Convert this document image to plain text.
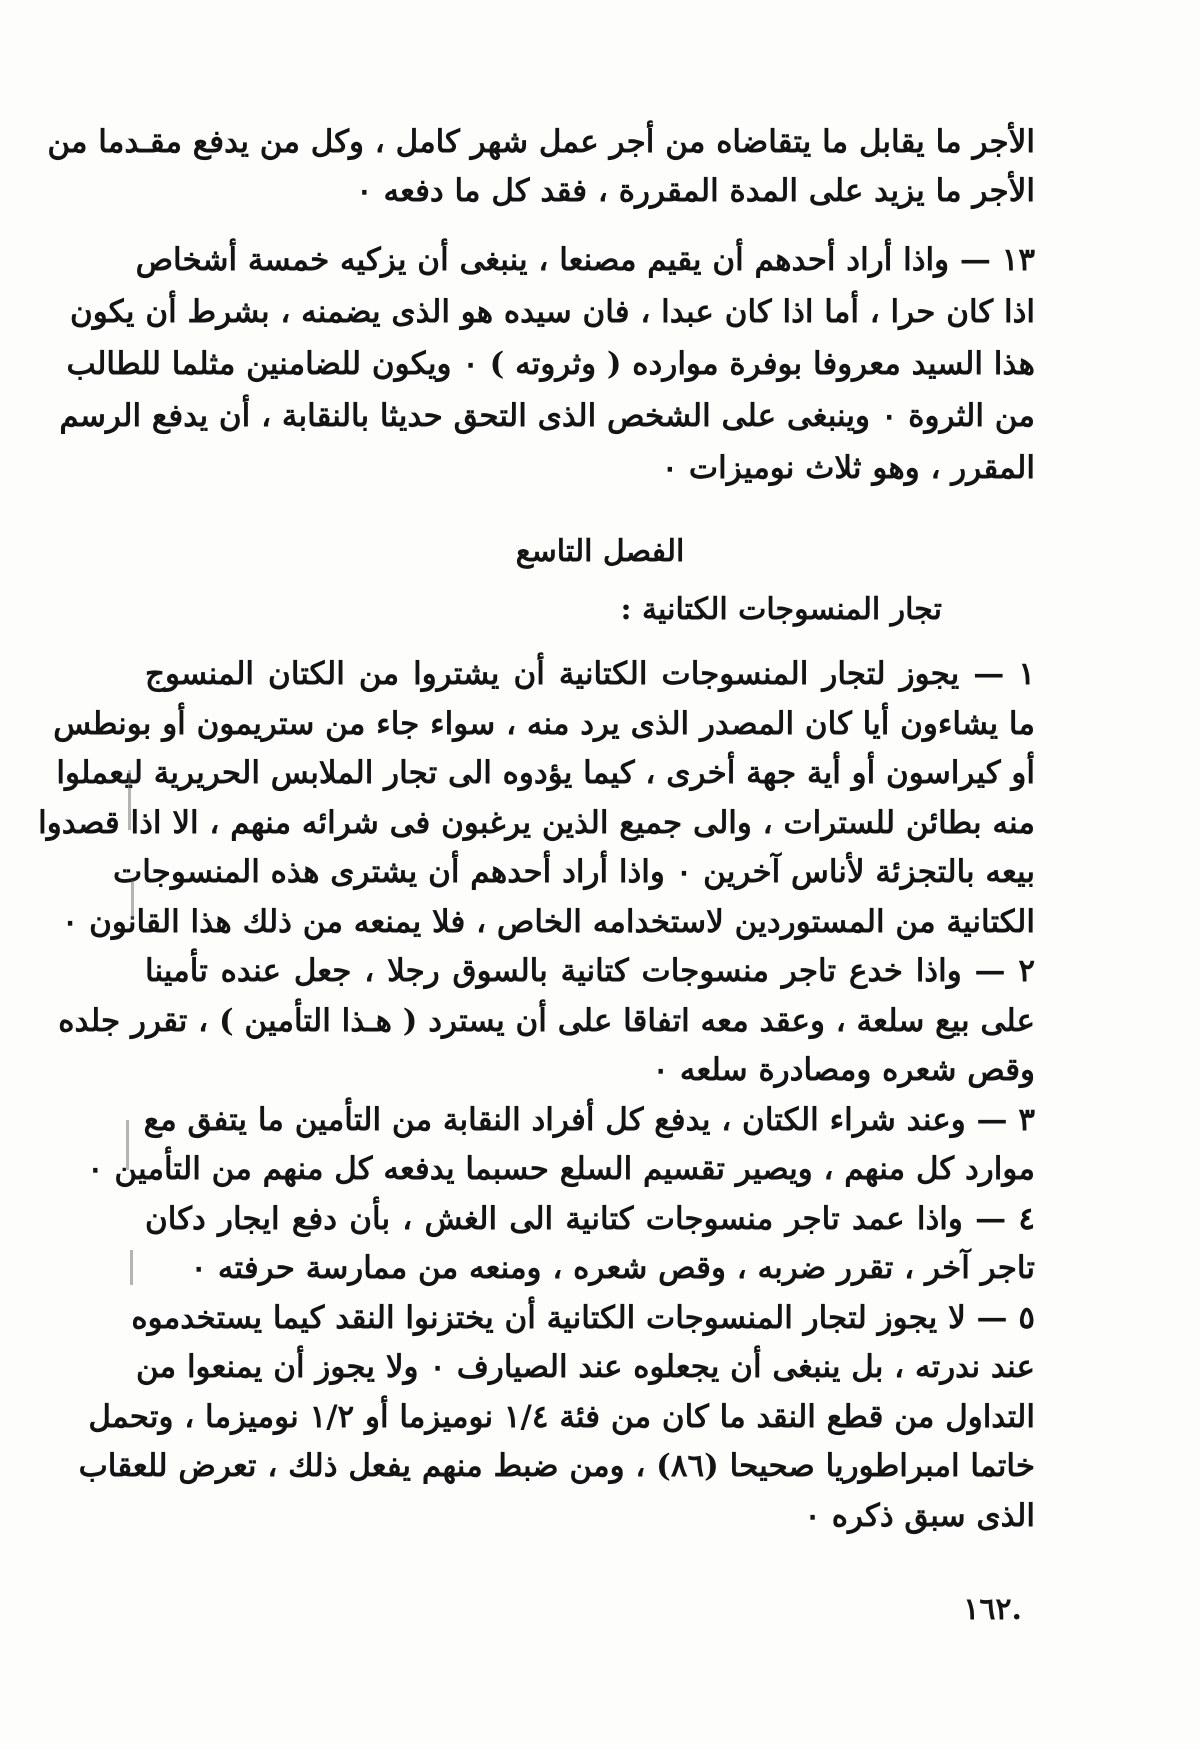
الأجر ما يقابل ما يتقاضاه من أجر عمل شهر كامل ، وكل من يدفع مقـدما من
الأجر ما يزيد على المدة المقررة ، فقد كل ما دفعه ٠
١٣ — واذا أراد أحدهم أن يقيم مصنعا ، ينبغى أن يزكيه خمسة أشخاص
اذا كان حرا ، أما اذا كان عبدا ، فان سيده هو الذى يضمنه ، بشرط أن يكون
هذا السيد معروفا بوفرة موارده ( وثروته ) ٠ ويكون للضامنين مثلما للطالب
من الثروة ٠ وينبغى على الشخص الذى التحق حديثا بالنقابة ، أن يدفع الرسم
المقرر ، وهو ثلاث نوميزات ٠
الفصل التاسع
تجار المنسوجات الكتانية :
١ — يجوز لتجار المنسوجات الكتانية أن يشتروا من الكتان المنسوج
ما يشاءون أيا كان المصدر الذى يرد منه ، سواء جاء من ستريمون أو بونطس
أو كيراسون أو أية جهة أخرى ، كيما يؤدوه الى تجار الملابس الحريرية ليعملوا
منه بطائن للسترات ، والى جميع الذين يرغبون فى شرائه منهم ، الا اذا قصدوا
بيعه بالتجزئة لأناس آخرين ٠ واذا أراد أحدهم أن يشترى هذه المنسوجات
الكتانية من المستوردين لاستخدامه الخاص ، فلا يمنعه من ذلك هذا القانون ٠
٢ — واذا خدع تاجر منسوجات كتانية بالسوق رجلا ، جعل عنده تأمينا
على بيع سلعة ، وعقد معه اتفاقا على أن يسترد ( هـذا التأمين ) ، تقرر جلده
وقص شعره ومصادرة سلعه ٠
٣ — وعند شراء الكتان ، يدفع كل أفراد النقابة من التأمين ما يتفق مع
موارد كل منهم ، ويصير تقسيم السلع حسبما يدفعه كل منهم من التأمين ٠
٤ — واذا عمد تاجر منسوجات كتانية الى الغش ، بأن دفع ايجار دكان
تاجر آخر ، تقرر ضربه ، وقص شعره ، ومنعه من ممارسة حرفته ٠
٥ — لا يجوز لتجار المنسوجات الكتانية أن يختزنوا النقد كيما يستخدموه
عند ندرته ، بل ينبغى أن يجعلوه عند الصيارف ٠ ولا يجوز أن يمنعوا من
التداول من قطع النقد ما كان من فئة ١/٤ نوميزما أو ١/٢ نوميزما ، وتحمل
خاتما امبراطوريا صحيحا (٨٦) ، ومن ضبط منهم يفعل ذلك ، تعرض للعقاب
الذى سبق ذكره ٠
.١٦٢
